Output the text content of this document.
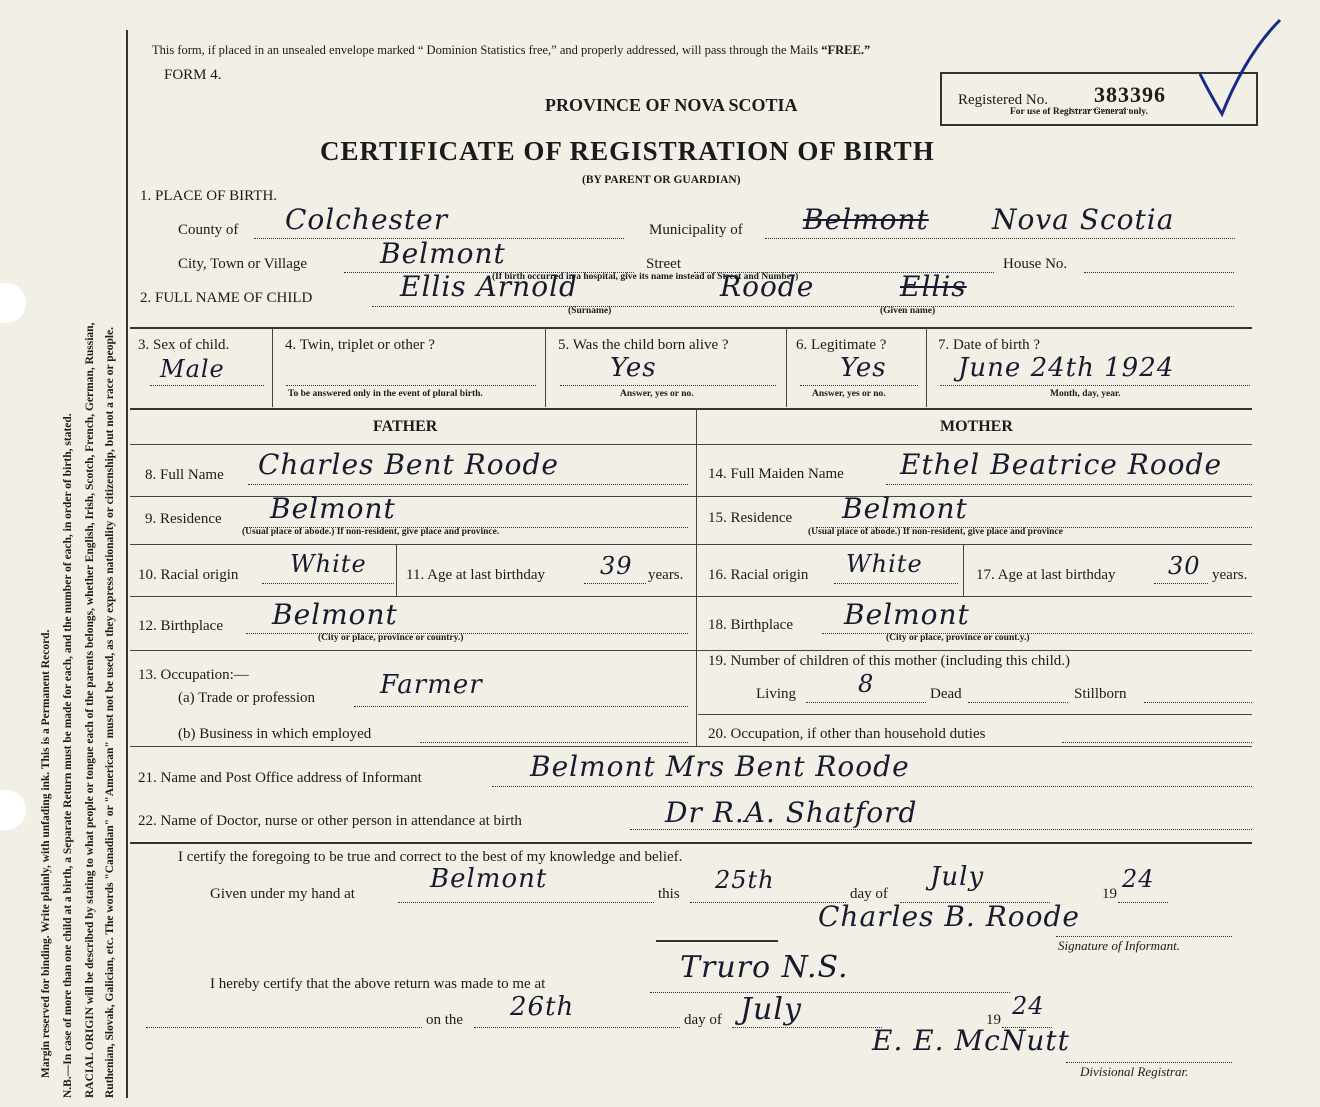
Margin reserved for binding. Write plainly, with unfading ink. This is a Permanent Record. N.B.—In case of more than one child at a birth, a Separate Return must be made for each, and the number of each, in order of birth, stated. RACIAL ORIGIN will be described by stating to what people or tongue each of the parents belongs, whether English, Irish, Scotch, French, German, Russian, Ruthenian, Slovak, Galician, etc. The words "Canadian" or "American" must not be used, as they express nationality or citizenship, but not a race or people.
This form, if placed in an unsealed envelope marked “ Dominion Statistics free,” and properly addressed, will pass through the Mails “FREE.”
FORM 4.
PROVINCE OF NOVA SCOTIA
CERTIFICATE OF REGISTRATION OF BIRTH
(BY PARENT OR GUARDIAN)
Registered No. 383396
For use of Registrar General only.
1. PLACE OF BIRTH.
County of Colchester	Municipality of Belmont Nova Scotia
City, Town or Village	Belmont	Street	House No.
(If birth occurred in a hospital, give its name instead of Street and Number)
2. FULL NAME OF CHILD	Ellis Arnold	Roode	Ellis
(Surname)	(Given name)
3. Sex of child.
Male
4. Twin, triplet or other ?
To be answered only in the event of plural birth.
5. Was the child born alive ?
Yes
Answer, yes or no.
6. Legitimate ?
Yes
Answer, yes or no.
7. Date of birth ?
June 24th 1924
Month, day, year.
FATHER	MOTHER
8. Full Name Charles Bent Roode	14. Full Maiden Name Ethel Beatrice Roode
9. Residence Belmont
(Usual place of abode.) If non-resident, give place and province.
15. Residence Belmont
(Usual place of abode.) If non-resident, give place and province
10. Racial origin White	11. Age at last birthday 39 years. 16. Racial origin White	17. Age at last birthday 30 years.
12. Birthplace Belmont
(City or place, province or country.)
18. Birthplace Belmont
(City or place, province or count.y.)
13. Occupation:—
(a) Trade or profession Farmer
(b) Business in which employed
19. Number of children of this mother (including this child.)
Living	8	Dead	Stillborn
20. Occupation, if other than household duties
21. Name and Post Office address of Informant	Belmont Mrs Bent Roode
22. Name of Doctor, nurse or other person in attendance at birth	Dr R.A. Shatford
I certify the foregoing to be true and correct to the best of my knowledge and belief.
Given under my hand at	Belmont	this 25th	day of
July
19
24
Charles B. Roode
Signature of Informant.
I hereby certify that the above return was made to me at	Truro N.S.
on the 26th	day of July	19 24
E. E. McNutt
Divisional Registrar.
